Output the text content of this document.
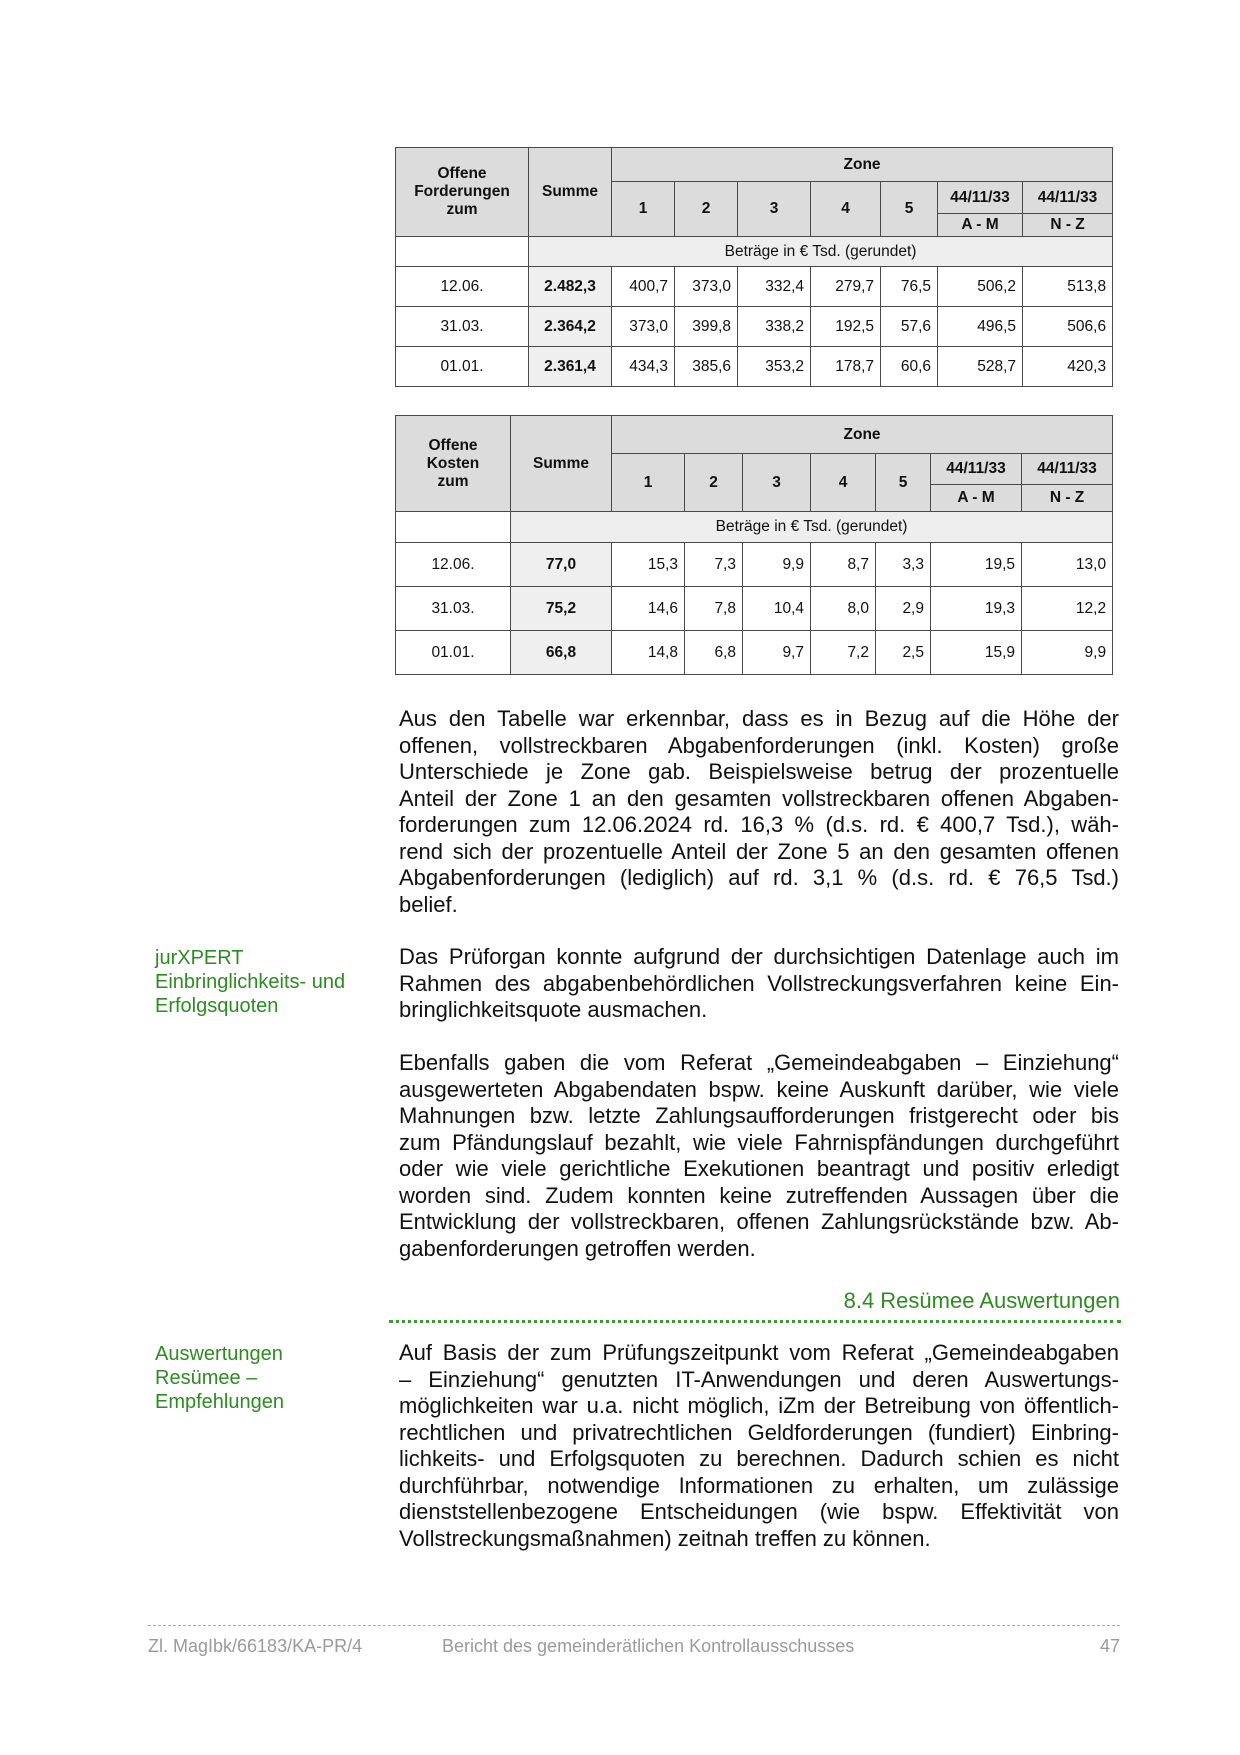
Offene
Forderungen
zum	Summe	Zone						
		1	2	3	4	5	44/11/33	44/11/33
							A - M	N - Z
	Beträge in € Tsd. (gerundet)							
12.06.	2.482,3	400,7	373,0	332,4	279,7	76,5	506,2	513,8
31.03.	2.364,2	373,0	399,8	338,2	192,5	57,6	496,5	506,6
01.01.	2.361,4	434,3	385,6	353,2	178,7	60,6	528,7	420,3
Offene
Kosten
zum	Summe	Zone						
		1	2	3	4	5	44/11/33	44/11/33
							A - M	N - Z
	Beträge in € Tsd. (gerundet)							
12.06.	77,0	15,3	7,3	9,9	8,7	3,3	19,5	13,0
31.03.	75,2	14,6	7,8	10,4	8,0	2,9	19,3	12,2
01.01.	66,8	14,8	6,8	9,7	7,2	2,5	15,9	9,9
Aus den Tabelle war erkennbar, dass es in Bezug auf die Höhe der
offenen, vollstreckbaren Abgabenforderungen (inkl. Kosten) große
Unterschiede je Zone gab. Beispielsweise betrug der prozentuelle
Anteil der Zone 1 an den gesamten vollstreckbaren offenen Abgaben-
forderungen zum 12.06.2024 rd. 16,3 % (d.s. rd. € 400,7 Tsd.), wäh-
rend sich der prozentuelle Anteil der Zone 5 an den gesamten offenen
Abgabenforderungen (lediglich) auf rd. 3,1 % (d.s. rd. € 76,5 Tsd.)
belief.
jurXPERT
Einbringlichkeits- und
Erfolgsquoten
Das Prüforgan konnte aufgrund der durchsichtigen Datenlage auch im
Rahmen des abgabenbehördlichen Vollstreckungsverfahren keine Ein-
bringlichkeitsquote ausmachen.
Ebenfalls gaben die vom Referat „Gemeindeabgaben – Einziehung“
ausgewerteten Abgabendaten bspw. keine Auskunft darüber, wie viele
Mahnungen bzw. letzte Zahlungsaufforderungen fristgerecht oder bis
zum Pfändungslauf bezahlt, wie viele Fahrnispfändungen durchgeführt
oder wie viele gerichtliche Exekutionen beantragt und positiv erledigt
worden sind. Zudem konnten keine zutreffenden Aussagen über die
Entwicklung der vollstreckbaren, offenen Zahlungsrückstände bzw. Ab-
gabenforderungen getroffen werden.
8.4 Resümee Auswertungen
Auswertungen
Resümee –
Empfehlungen
Auf Basis der zum Prüfungszeitpunkt vom Referat „Gemeindeabgaben
– Einziehung“ genutzten IT-Anwendungen und deren Auswertungs-
möglichkeiten war u.a. nicht möglich, iZm der Betreibung von öffentlich-
rechtlichen und privatrechtlichen Geldforderungen (fundiert) Einbring-
lichkeits- und Erfolgsquoten zu berechnen. Dadurch schien es nicht
durchführbar, notwendige Informationen zu erhalten, um zulässige
dienststellenbezogene Entscheidungen (wie bspw. Effektivität von
Vollstreckungsmaßnahmen) zeitnah treffen zu können.
Zl. MagIbk/66183/KA-PR/4	Bericht des gemeinderätlichen Kontrollausschusses	47
